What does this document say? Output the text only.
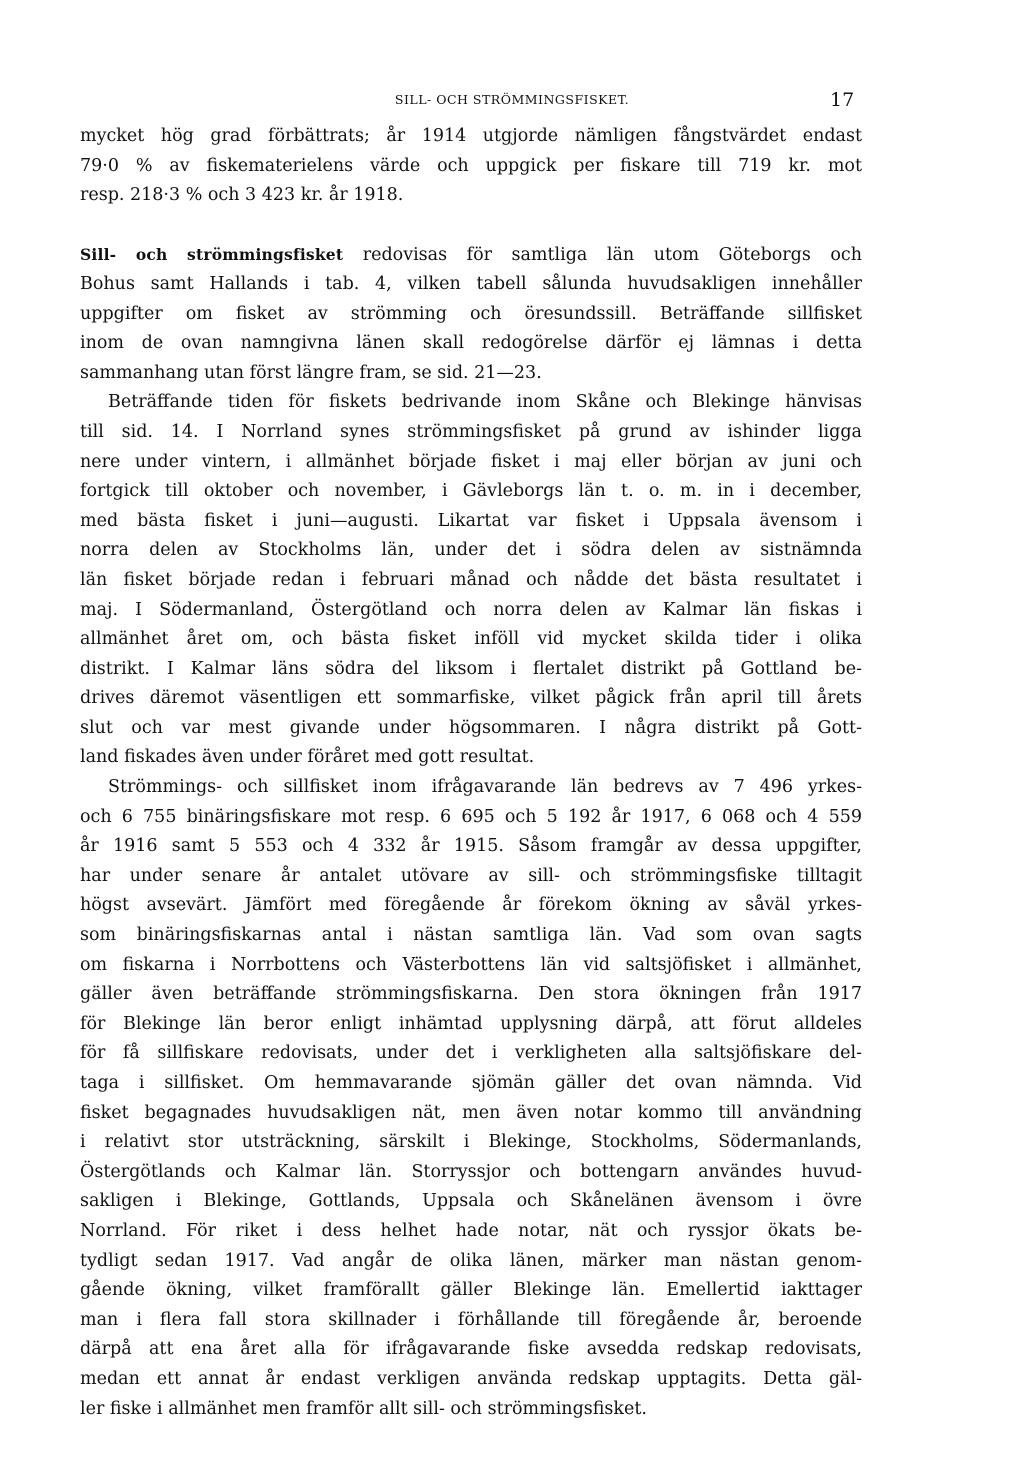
SILL- OCH STRÖMMINGSFISKET.	17
mycket hög grad förbättrats; år 1914 utgjorde nämligen fångstvärdet endast
79·0 % av fiskematerielens värde och uppgick per fiskare till 719 kr. mot
resp. 218·3 % och 3 423 kr. år 1918.
Sill- och strömmingsfisket redovisas för samtliga län utom Göteborgs och
Bohus samt Hallands i tab. 4, vilken tabell sålunda huvudsakligen innehåller
uppgifter om fisket av strömming och öresundssill. Beträffande sillfisket
inom de ovan namngivna länen skall redogörelse därför ej lämnas i detta
sammanhang utan först längre fram, se sid. 21—23.
Beträffande tiden för fiskets bedrivande inom Skåne och Blekinge hänvisas
till sid. 14. I Norrland synes strömmingsfisket på grund av ishinder ligga
nere under vintern, i allmänhet började fisket i maj eller början av juni och
fortgick till oktober och november, i Gävleborgs län t. o. m. in i december,
med bästa fisket i juni—augusti. Likartat var fisket i Uppsala ävensom i
norra delen av Stockholms län, under det i södra delen av sistnämnda
län fisket började redan i februari månad och nådde det bästa resultatet i
maj. I Södermanland, Östergötland och norra delen av Kalmar län fiskas i
allmänhet året om, och bästa fisket inföll vid mycket skilda tider i olika
distrikt. I Kalmar läns södra del liksom i flertalet distrikt på Gottland be-
drives däremot väsentligen ett sommarfiske, vilket pågick från april till årets
slut och var mest givande under högsommaren. I några distrikt på Gott-
land fiskades även under föråret med gott resultat.
Strömmings- och sillfisket inom ifrågavarande län bedrevs av 7 496 yrkes-
och 6 755 binäringsfiskare mot resp. 6 695 och 5 192 år 1917, 6 068 och 4 559
år 1916 samt 5 553 och 4 332 år 1915. Såsom framgår av dessa uppgifter,
har under senare år antalet utövare av sill- och strömmingsfiske tilltagit
högst avsevärt. Jämfört med föregående år förekom ökning av såväl yrkes-
som binäringsfiskarnas antal i nästan samtliga län. Vad som ovan sagts
om fiskarna i Norrbottens och Västerbottens län vid saltsjöfisket i allmänhet,
gäller även beträffande strömmingsfiskarna. Den stora ökningen från 1917
för Blekinge län beror enligt inhämtad upplysning därpå, att förut alldeles
för få sillfiskare redovisats, under det i verkligheten alla saltsjöfiskare del-
taga i sillfisket. Om hemmavarande sjömän gäller det ovan nämnda. Vid
fisket begagnades huvudsakligen nät, men även notar kommo till användning
i relativt stor utsträckning, särskilt i Blekinge, Stockholms, Södermanlands,
Östergötlands och Kalmar län. Storryssjor och bottengarn användes huvud-
sakligen i Blekinge, Gottlands, Uppsala och Skånelänen ävensom i övre
Norrland. För riket i dess helhet hade notar, nät och ryssjor ökats be-
tydligt sedan 1917. Vad angår de olika länen, märker man nästan genom-
gående ökning, vilket framförallt gäller Blekinge län. Emellertid iakttager
man i flera fall stora skillnader i förhållande till föregående år, beroende
därpå att ena året alla för ifrågavarande fiske avsedda redskap redovisats,
medan ett annat år endast verkligen använda redskap upptagits. Detta gäl-
ler fiske i allmänhet men framför allt sill- och strömmingsfisket.
